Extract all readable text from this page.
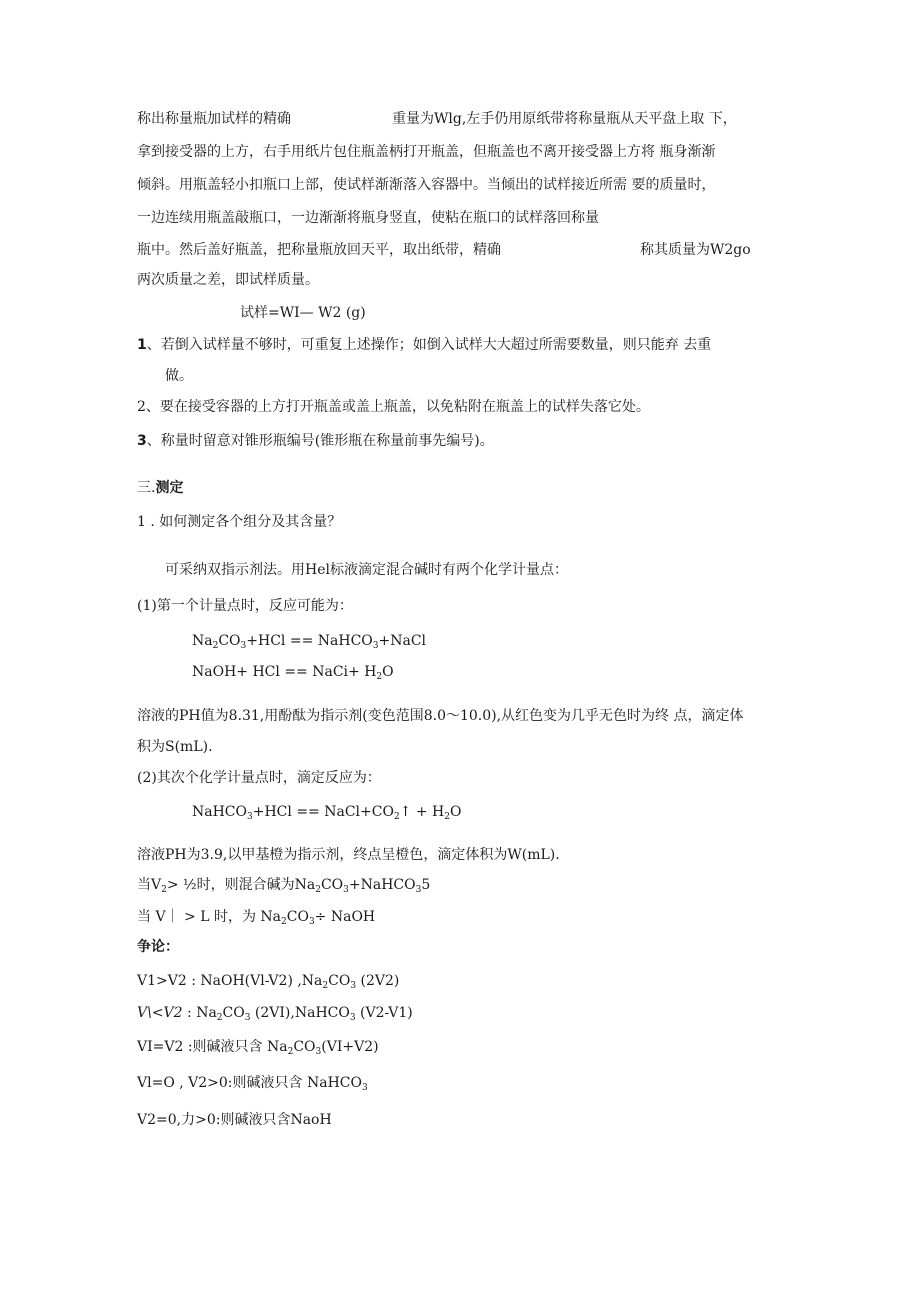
称出称量瓶加试样的精确	重量为Wlg,左手仍用原纸带将称量瓶从天平盘上取 下，
拿到接受器的上方，右手用纸片包住瓶盖柄打开瓶盖，但瓶盖也不离开接受器上方将 瓶身渐渐
倾斜。用瓶盖轻小扣瓶口上部，使试样渐渐落入容器中。当倾出的试样接近所需 要的质量时，
一边连续用瓶盖敲瓶口，一边渐渐将瓶身竖直，使粘在瓶口的试样落回称量
瓶中。然后盖好瓶盖，把称量瓶放回天平，取出纸带，精确	称其质量为W2go
两次质量之差，即试样质量。
试样=WI— W2 (g)
1、若倒入试样量不够时，可重复上述操作；如倒入试样大大超过所需要数量，则只能弃 去重
做。
2、要在接受容器的上方打开瓶盖或盖上瓶盖，以免粘附在瓶盖上的试样失落它处。
3、称量时留意对锥形瓶编号(锥形瓶在称量前事先编号)。
三.测定
1 . 如何测定各个组分及其含量？
可采纳双指示剂法。用Hel标液滴定混合碱时有两个化学计量点：
(1)第一个计量点时，反应可能为：
$Na_2CO_3+HCl$ == NaHCO$_3$+NaCl
NaOH+ HCl == NaCi+ $H_2O$
溶液的PH值为8.31,用酚酞为指示剂(变色范围8.0～10.0),从红色变为几乎无色时为终 点，滴定体
积为S(mL).
(2)其次个化学计量点时，滴定反应为：
NaHCO$_3$+HCl == $NaCl+CO_2↑ + H_2O$
溶液PH为3.9,以甲基橙为指示剂，终点呈橙色，滴定体积为W(mL).
当$V_2>$ ½时，则混合碱为$Na_2CO_3+NaHCO_35$
当 V｜ > L 时，为 $Na_2CO_3\div$ NaOH
争论：
V1>V2 : NaOH(Vl-V2) $,Na_2CO_3$ (2V2)
V\<V2 : $Na_2CO_3$ (2VI),NaHCO$_3$ (V2-V1)
VI=V2 :则碱液只含 $Na_2CO_3(VI+V2)$
Vl=O , V2>0:则碱液只含 NaHCO$_3$
V2=0,力>0:则碱液只含NaoH
